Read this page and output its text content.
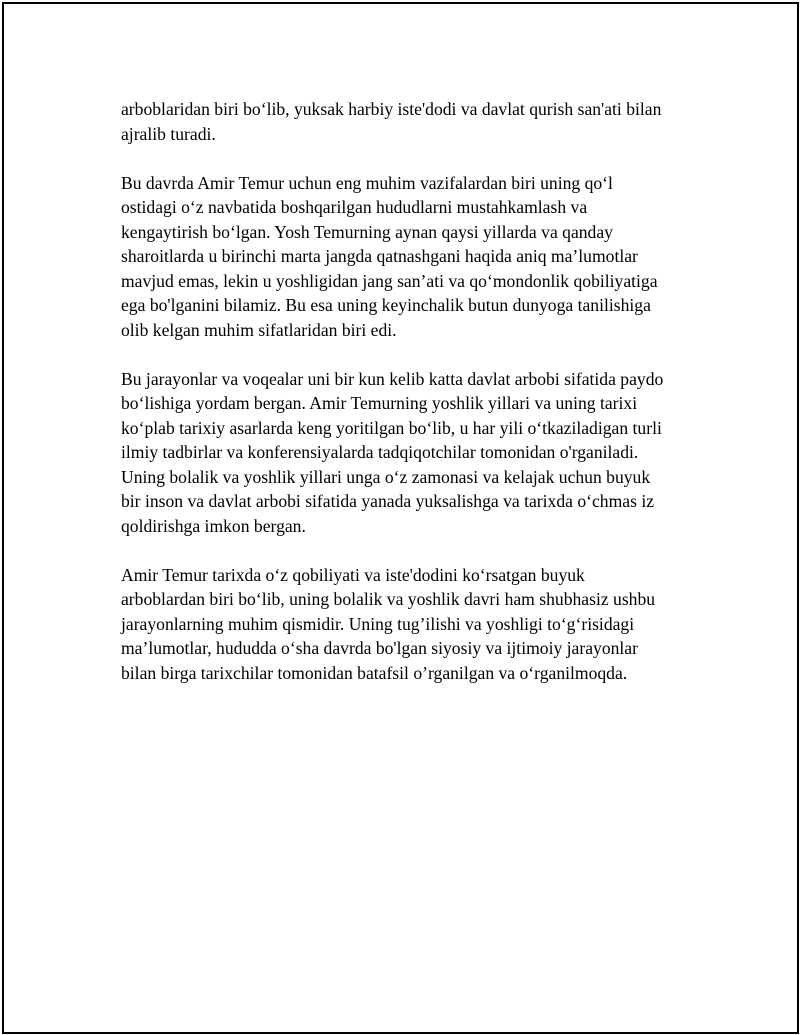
arboblaridan biri bo‘lib, yuksak harbiy iste'dodi va davlat qurish san'ati bilan
ajralib turadi.

Bu davrda Amir Temur uchun eng muhim vazifalardan biri uning qo‘l
ostidagi o‘z navbatida boshqarilgan hududlarni mustahkamlash va
kengaytirish bo‘lgan. Yosh Temurning aynan qaysi yillarda va qanday
sharoitlarda u birinchi marta jangda qatnashgani haqida aniq ma’lumotlar
mavjud emas, lekin u yoshligidan jang san’ati va qo‘mondonlik qobiliyatiga
ega bo'lganini bilamiz. Bu esa uning keyinchalik butun dunyoga tanilishiga
olib kelgan muhim sifatlaridan biri edi.

Bu jarayonlar va voqealar uni bir kun kelib katta davlat arbobi sifatida paydo
bo‘lishiga yordam bergan. Amir Temurning yoshlik yillari va uning tarixi
ko‘plab tarixiy asarlarda keng yoritilgan bo‘lib, u har yili o‘tkaziladigan turli
ilmiy tadbirlar va konferensiyalarda tadqiqotchilar tomonidan o'rganiladi.
Uning bolalik va yoshlik yillari unga o‘z zamonasi va kelajak uchun buyuk
bir inson va davlat arbobi sifatida yanada yuksalishga va tarixda o‘chmas iz
qoldirishga imkon bergan.

Amir Temur tarixda o‘z qobiliyati va iste'dodini ko‘rsatgan buyuk
arboblardan biri bo‘lib, uning bolalik va yoshlik davri ham shubhasiz ushbu
jarayonlarning muhim qismidir. Uning tug’ilishi va yoshligi to‘g‘risidagi
ma’lumotlar, hududda o‘sha davrda bo'lgan siyosiy va ijtimoiy jarayonlar
bilan birga tarixchilar tomonidan batafsil o’rganilgan va o‘rganilmoqda.
